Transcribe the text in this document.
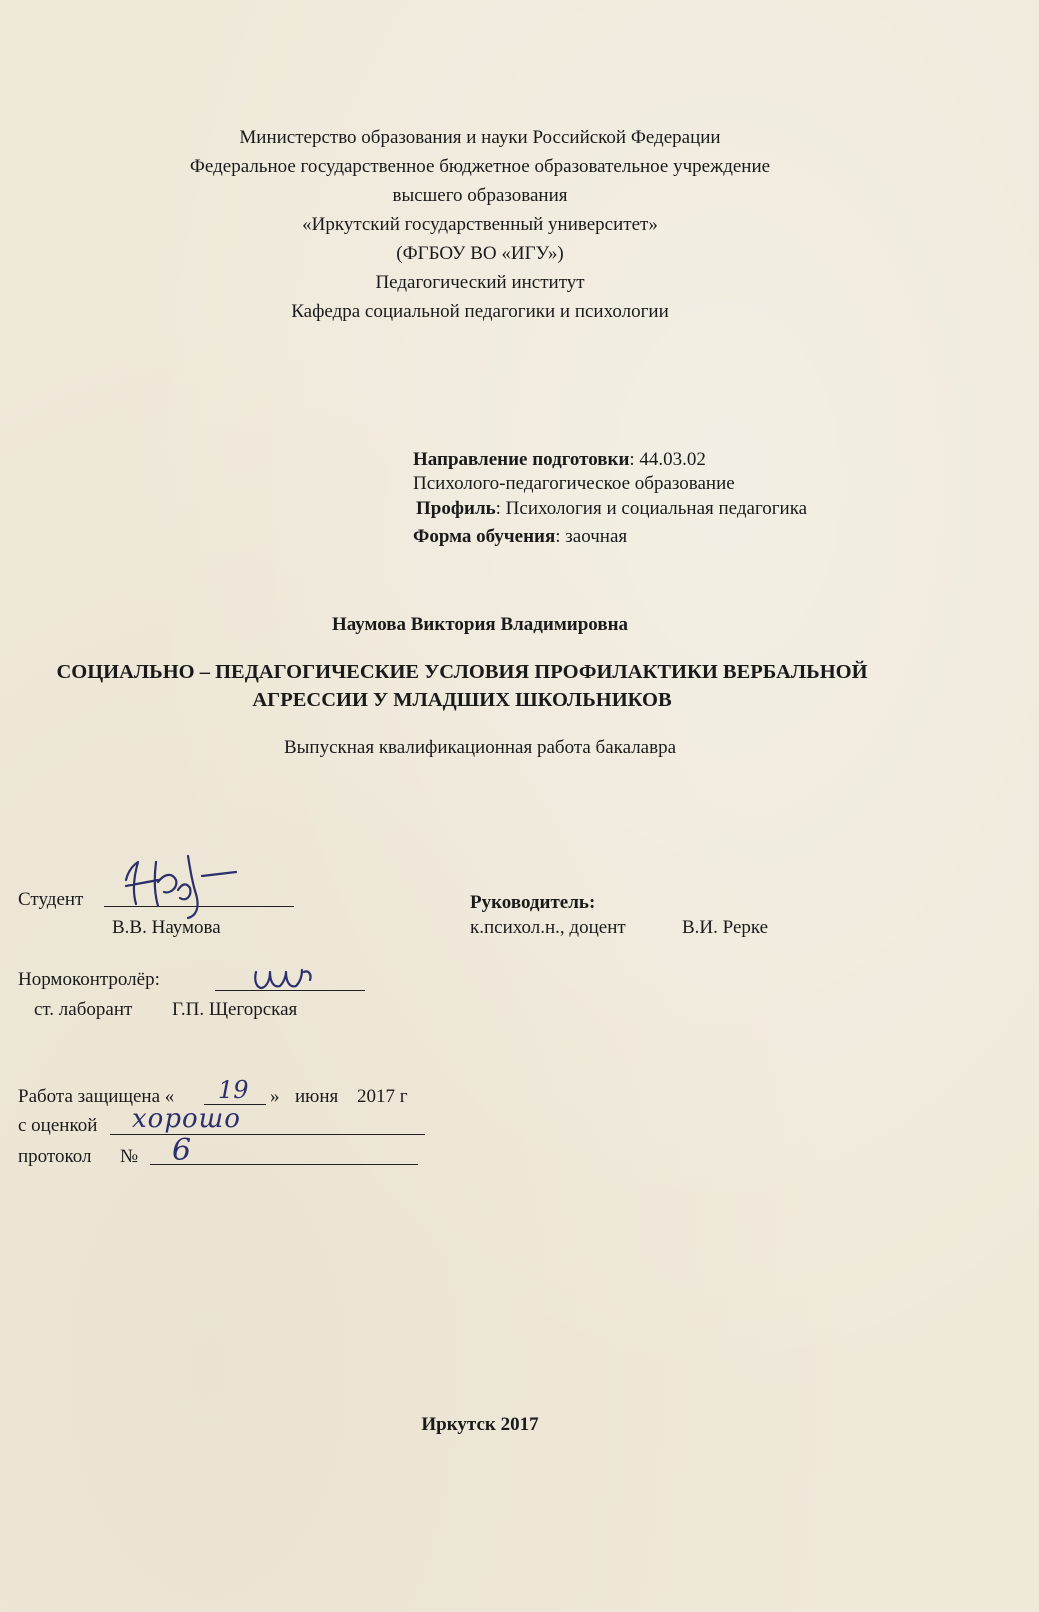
Министерство образования и науки Российской Федерации
Федеральное государственное бюджетное образовательное учреждение
высшего образования
«Иркутский государственный университет»
(ФГБОУ ВО «ИГУ»)
Педагогический институт
Кафедра социальной педагогики и психологии
Направление подготовки: 44.03.02
Психолого-педагогическое образование
Профиль: Психология и социальная педагогика
Форма обучения: заочная
Наумова Виктория Владимировна
СОЦИАЛЬНО – ПЕДАГОГИЧЕСКИЕ УСЛОВИЯ ПРОФИЛАКТИКИ ВЕРБАЛЬНОЙ
АГРЕССИИ У МЛАДШИХ ШКОЛЬНИКОВ
Выпускная квалификационная работа бакалавра
Студент
В.В. Наумова
Руководитель:
к.психол.н., доцент	В.И. Рерке
Нормоконтролёр:
ст. лаборант Г.П. Щегорская
Работа защищена « 19 » июня 2017 г
с оценкой хорошо
протокол № 6
Иркутск 2017
